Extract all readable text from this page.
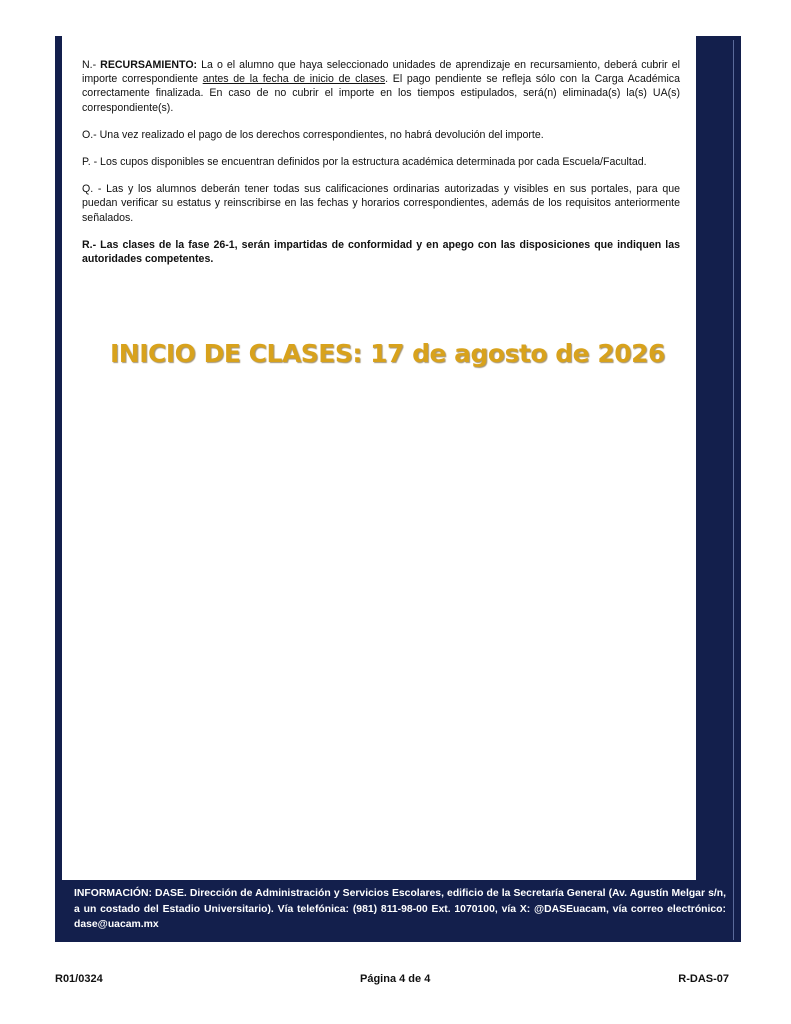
N.- RECURSAMIENTO: La o el alumno que haya seleccionado unidades de aprendizaje en recursamiento, deberá cubrir el importe correspondiente antes de la fecha de inicio de clases. El pago pendiente se refleja sólo con la Carga Académica correctamente finalizada. En caso de no cubrir el importe en los tiempos estipulados, será(n) eliminada(s) la(s) UA(s) correspondiente(s).

O.- Una vez realizado el pago de los derechos correspondientes, no habrá devolución del importe.

P. - Los cupos disponibles se encuentran definidos por la estructura académica determinada por cada Escuela/Facultad.

Q. - Las y los alumnos deberán tener todas sus calificaciones ordinarias autorizadas y visibles en sus portales, para que puedan verificar su estatus y reinscribirse en las fechas y horarios correspondientes, además de los requisitos anteriormente señalados.

R.- Las clases de la fase 26-1, serán impartidas de conformidad y en apego con las disposiciones que indiquen las autoridades competentes.

INICIO DE CLASES: 17 de agosto de 2026
INFORMACIÓN: DASE. Dirección de Administración y Servicios Escolares, edificio de la Secretaría General (Av. Agustín Melgar s/n, a un costado del Estadio Universitario). Vía telefónica: (981) 811-98-00 Ext. 1070100, vía X: @DASEuacam, vía correo electrónico: dase@uacam.mx
R01/0324	Página 4 de 4	R-DAS-07
